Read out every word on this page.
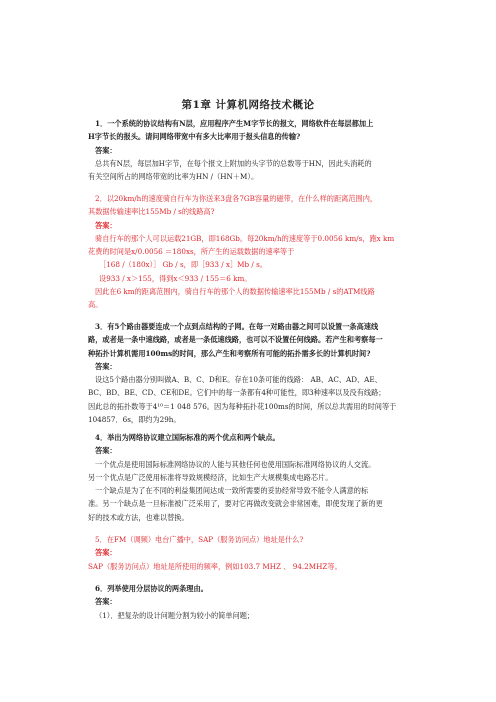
第1章 计算机网络技术概论
1．一个系统的协议结构有N层，应用程序产生M字节长的报文，网络软件在每层都加上
H字节长的报头。请问网络带宽中有多大比率用于报头信息的传输?
答案：
总共有N层，每层加H字节，在每个报文上附加的头字节的总数等于HN，因此头消耗的
有关空间所占的网络带宽的比率为HN /（HN＋M）。
2．以20km/h的速度骑自行车为你送来3盘各7GB容量的磁带，在什么样的距离范围内，
其数据传输速率比155Mb / s的线路高?
答案：
骑自行车的那个人可以运载21GB，即168Gb。每20km/h的速度等于0.0056 km/s，跑x km
花费的时间是x/0.0056 ＝180xs，所产生的运载数据的速率等于
［168 /（180x）］ Gb / s，即［933 / x］Mb / s。
设933 / x＞155，得到x＜933 / 155＝6 km。
因此在6 km的距离范围内，骑自行车的那个人的数据传输速率比155Mb / s的ATM线路
高。
3．有5个路由器要连成一个点到点结构的子网。在每一对路由器之间可以设置一条高速线
路，或者是一条中速线路，或者是一条低速线路，也可以不设置任何线路。若产生和考察每一
种拓扑计算机需用100ms的时间，那么产生和考察所有可能的拓扑需多长的计算机时间?
答案：
设这5个路由器分别叫做A、B、C、D和E。存在10条可能的线路： AB、AC、AD、AE、
BC、BD、BE、CD、CE和DE。它们中的每一条都有4种可能性，即3种速率以及没有线路；
因此总的拓扑数等于4¹⁰＝1 048 576。因为每种拓扑花100ms的时间，所以总共需用的时间等于
104857．6s，即约为29h。
4．举出为网络协议建立国际标准的两个优点和两个缺点。
答案：
一个优点是使用国际标准网络协议的人能与其他任何也使用国际标准网络协议的人交流。
另一个优点是广泛使用标准将导致规模经济，比如生产大规模集成电路芯片。
一个缺点是为了在不同的利益集团间达成一致所需要的妥协经常导致不能令人满意的标
准。另一个缺点是一旦标准被广泛采用了，要对它再做改变就会非常困难，即使发现了新的更
好的技术或方法，也难以替换。
5．在FM（调频）电台广播中，SAP（服务访问点）地址是什么?
答案：
SAP（服务访问点）地址是所使用的频率，例如103.7 MHZ 、 94.2MHZ等。
6．列举使用分层协议的两条理由。
答案：
（1）．把复杂的设计问题分割为较小的简单问题；
